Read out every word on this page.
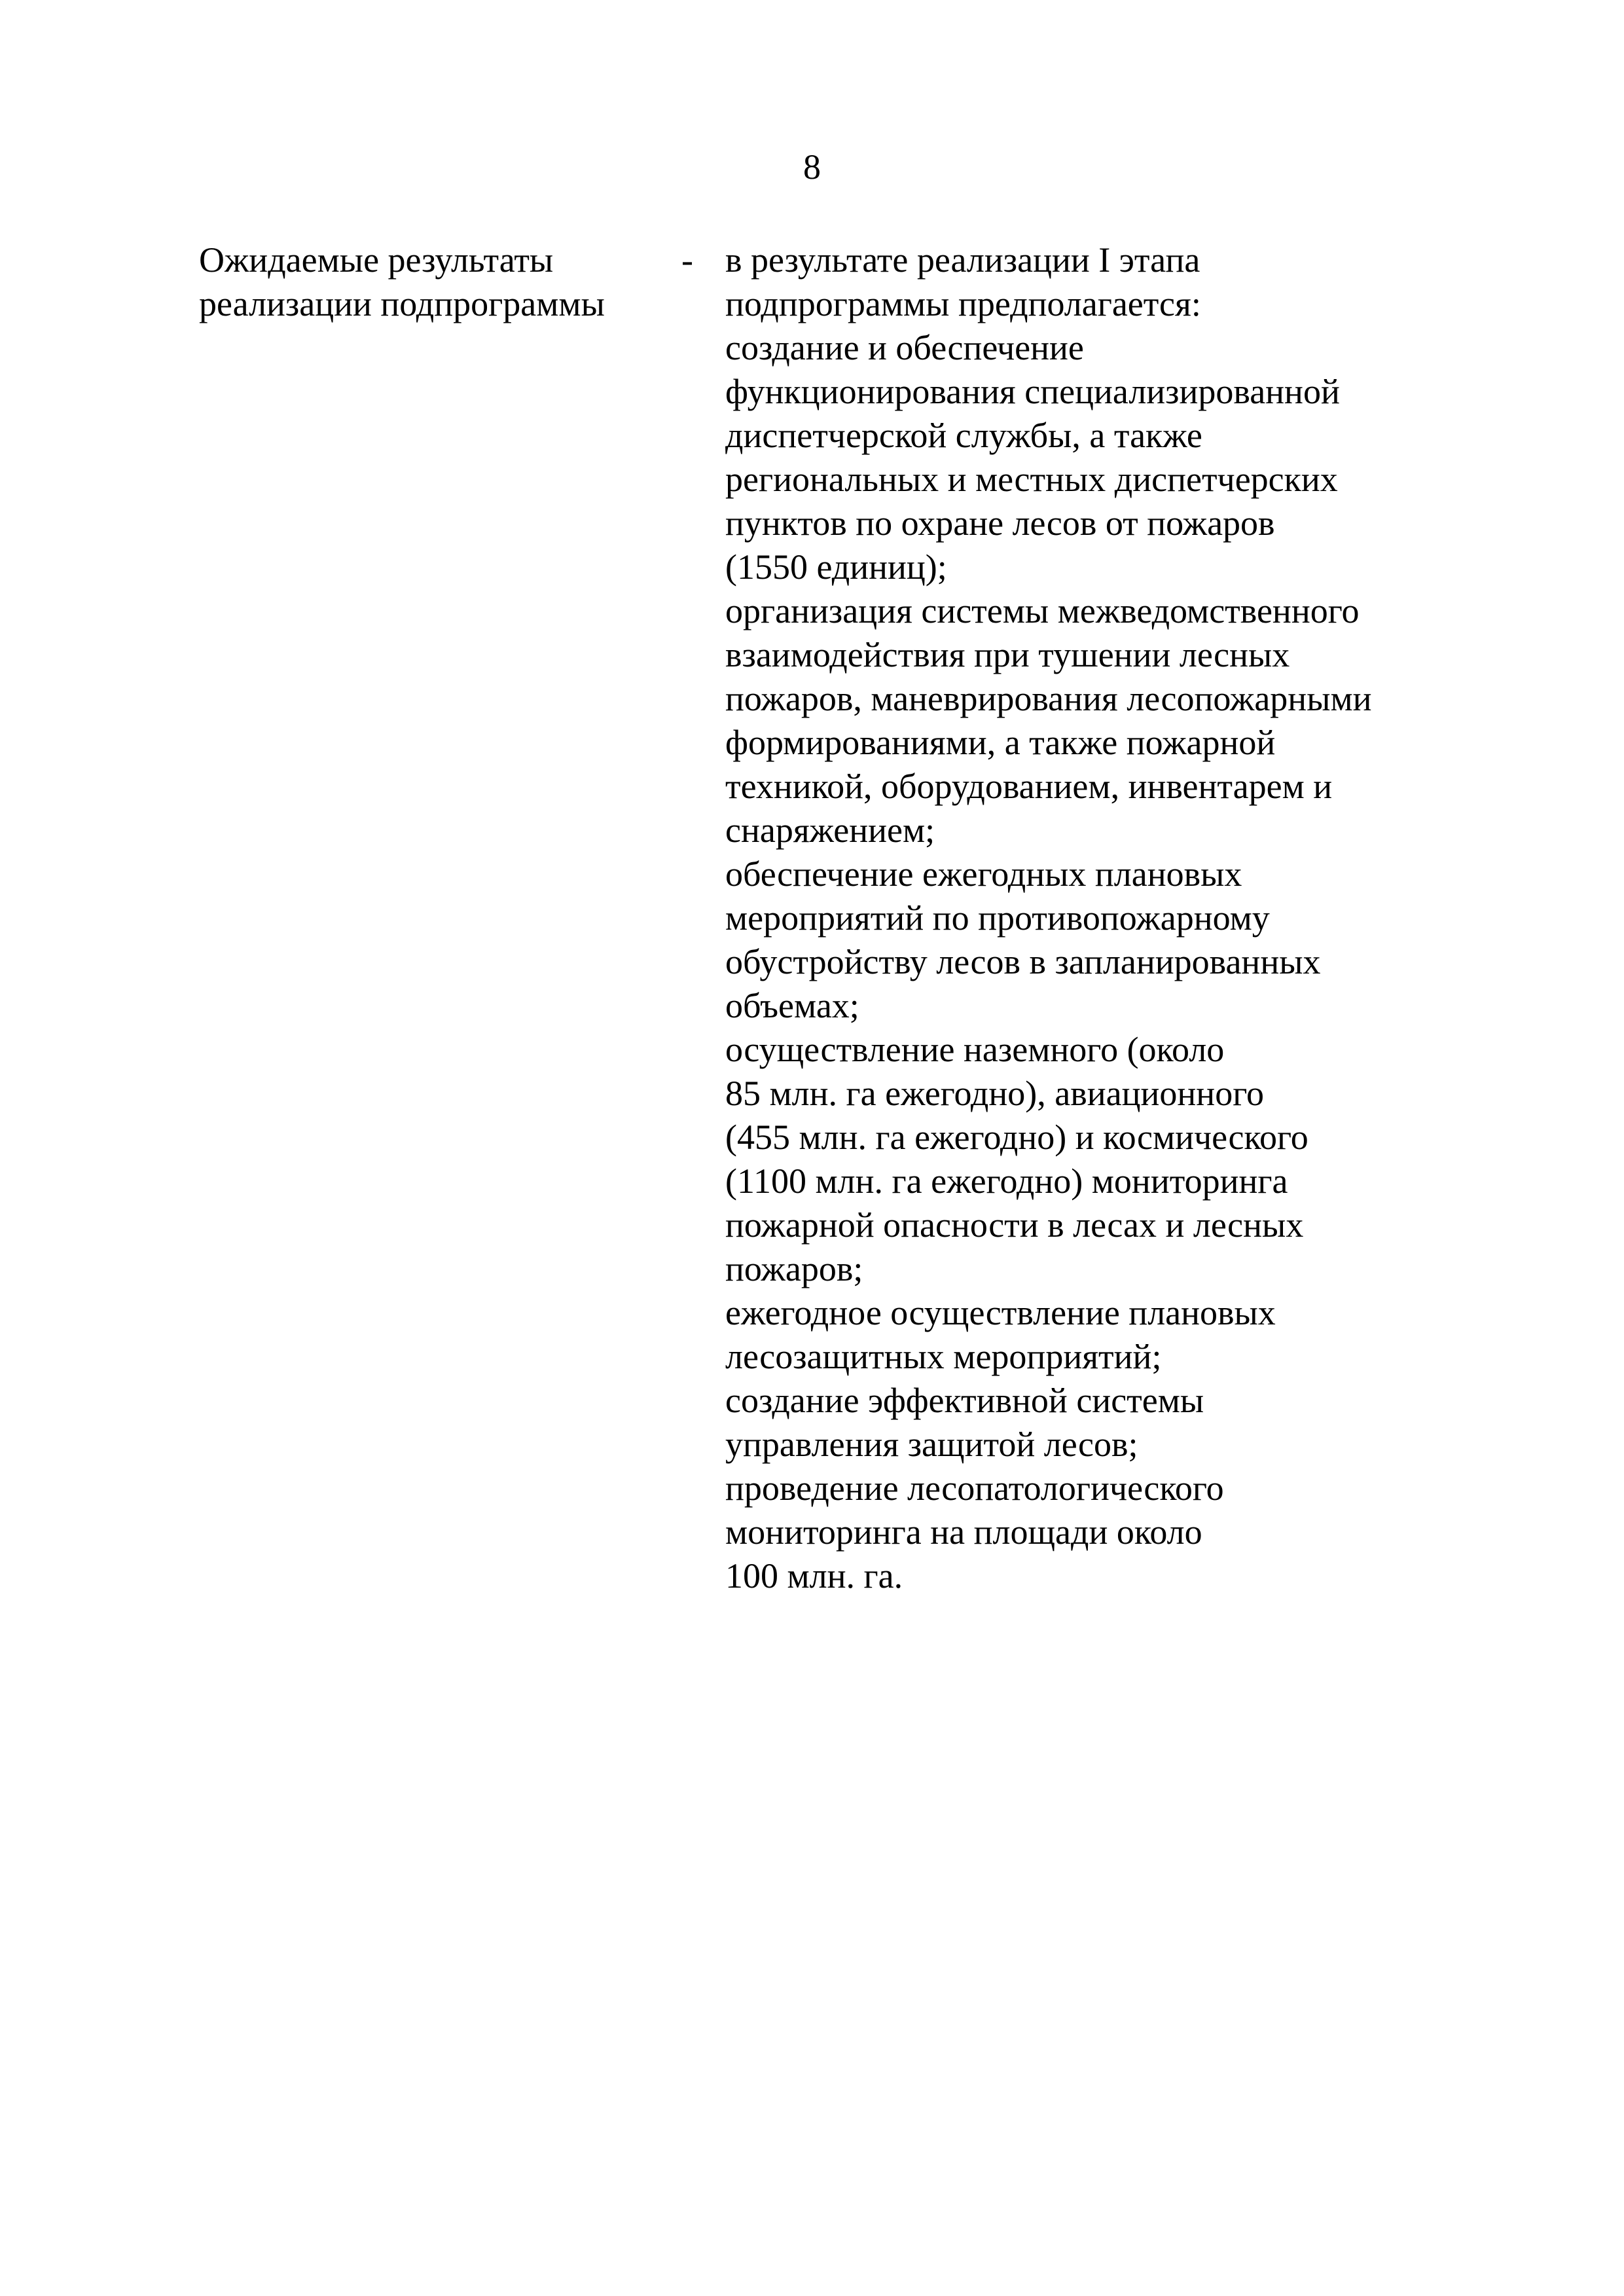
8
Ожидаемые результаты
реализации подпрограммы
- в результате реализации I этапа
подпрограммы предполагается:
создание и обеспечение
функционирования специализированной
диспетчерской службы, а также
региональных и местных диспетчерских
пунктов по охране лесов от пожаров
(1550 единиц);
организация системы межведомственного
взаимодействия при тушении лесных
пожаров, маневрирования лесопожарными
формированиями, а также пожарной
техникой, оборудованием, инвентарем и
снаряжением;
обеспечение ежегодных плановых
мероприятий по противопожарному
обустройству лесов в запланированных
объемах;
осуществление наземного (около
85 млн. га ежегодно), авиационного
(455 млн. га ежегодно) и космического
(1100 млн. га ежегодно) мониторинга
пожарной опасности в лесах и лесных
пожаров;
ежегодное осуществление плановых
лесозащитных мероприятий;
создание эффективной системы
управления защитой лесов;
проведение лесопатологического
мониторинга на площади около
100 млн. га.
